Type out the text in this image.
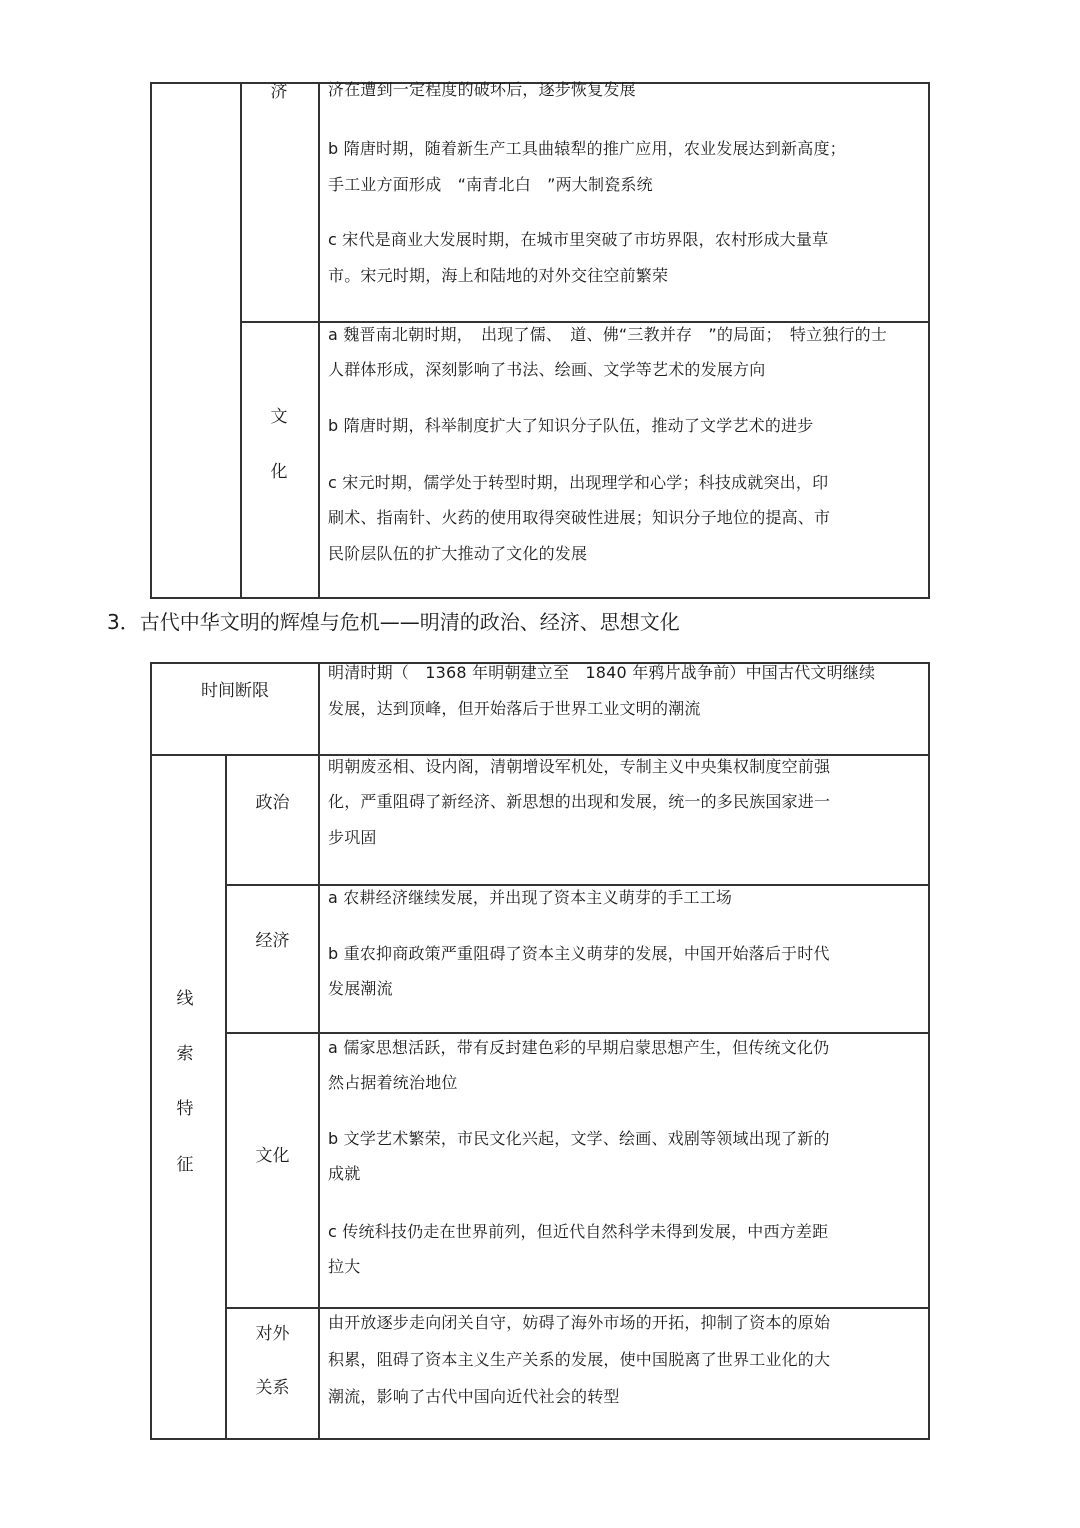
济	济在遭到一定程度的破坏后，逐步恢复发展
b 隋唐时期，随着新生产工具曲辕犁的推广应用，农业发展达到新高度；
手工业方面形成　“南青北白　”两大制瓷系统
c 宋代是商业大发展时期，在城市里突破了市坊界限，农村形成大量草
市。宋元时期，海上和陆地的对外交往空前繁荣
文
化
a 魏晋南北朝时期，　出现了儒、　道、佛“三教并存　”的局面；　特立独行的士
人群体形成，深刻影响了书法、绘画、文学等艺术的发展方向
b 隋唐时期，科举制度扩大了知识分子队伍，推动了文学艺术的进步
c 宋元时期，儒学处于转型时期，出现理学和心学；科技成就突出，印
刷术、指南针、火药的使用取得突破性进展；知识分子地位的提高、市
民阶层队伍的扩大推动了文化的发展
3．古代中华文明的辉煌与危机——明清的政治、经济、思想文化
时间断限
明清时期（　1368 年明朝建立至　1840 年鸦片战争前）中国古代文明继续
发展，达到顶峰，但开始落后于世界工业文明的潮流
线
索
特
征
政治
明朝废丞相、设内阁，清朝增设军机处，专制主义中央集权制度空前强
化，严重阻碍了新经济、新思想的出现和发展，统一的多民族国家进一
步巩固
经济
a 农耕经济继续发展，并出现了资本主义萌芽的手工工场
b 重农抑商政策严重阻碍了资本主义萌芽的发展，中国开始落后于时代
发展潮流
文化
a 儒家思想活跃，带有反封建色彩的早期启蒙思想产生，但传统文化仍
然占据着统治地位
b 文学艺术繁荣，市民文化兴起，文学、绘画、戏剧等领域出现了新的
成就
c 传统科技仍走在世界前列，但近代自然科学未得到发展，中西方差距
拉大
对外
关系
由开放逐步走向闭关自守，妨碍了海外市场的开拓，抑制了资本的原始
积累，阻碍了资本主义生产关系的发展，使中国脱离了世界工业化的大
潮流，影响了古代中国向近代社会的转型
